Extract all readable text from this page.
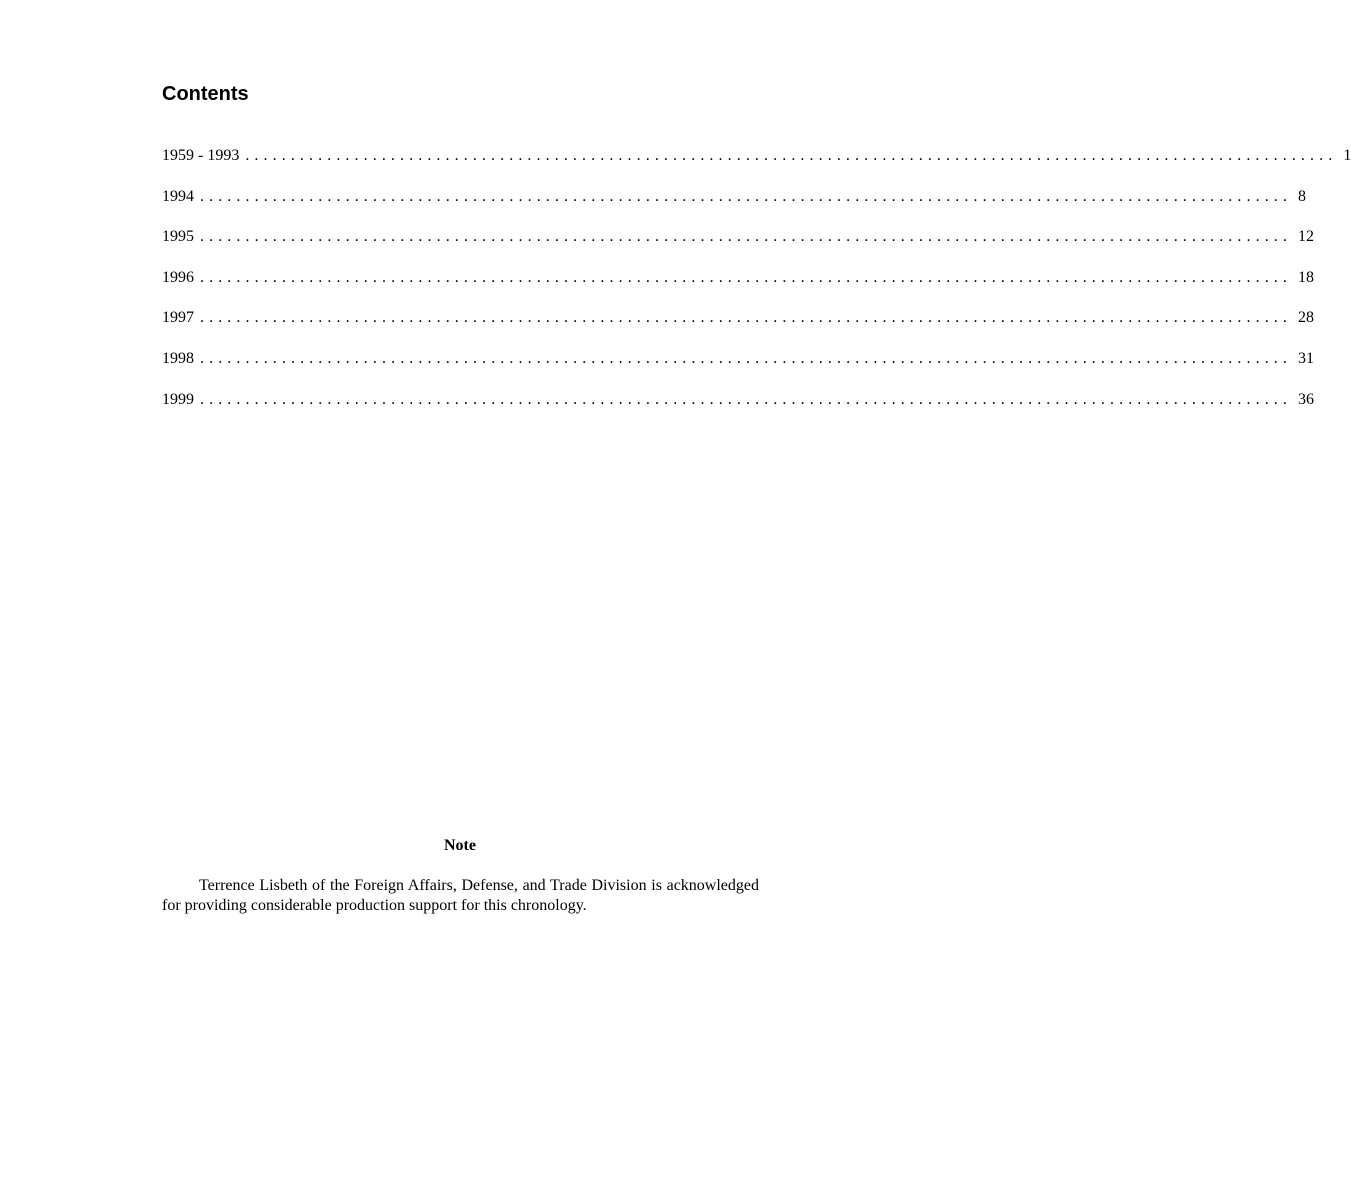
Contents
1959 - 1993 ........................................................................................................................ 1
1994 ........................................................................................................................ 8
1995 ........................................................................................................................ 12
1996 ........................................................................................................................ 18
1997 ........................................................................................................................ 28
1998 ........................................................................................................................ 31
1999 ........................................................................................................................ 36
Note

Terrence Lisbeth of the Foreign Affairs, Defense, and Trade Division is acknowledged for providing considerable production support for this chronology.
